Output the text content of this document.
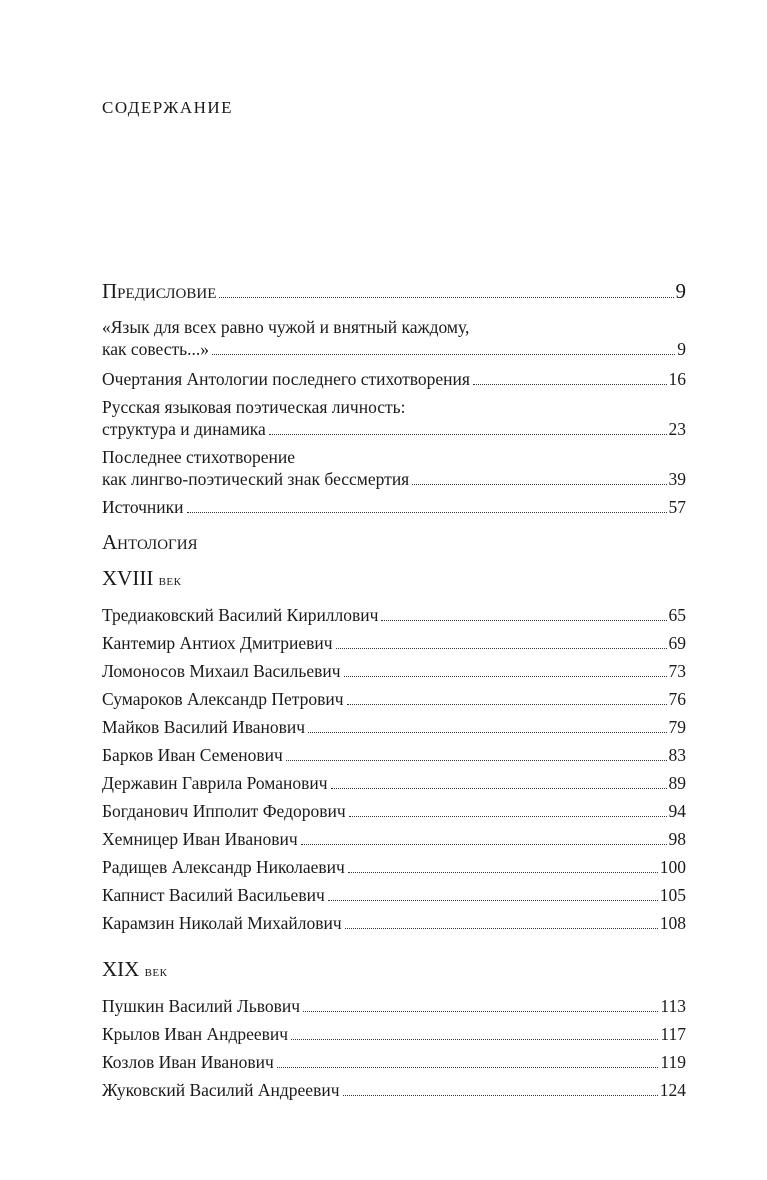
СОДЕРЖАНИЕ
Предисловие	9
«Язык для всех равно чужой и внятный каждому,
как совесть...»	9
Очертания Антологии последнего стихотворения	16
Русская языковая поэтическая личность:
структура и динамика	23
Последнее стихотворение
как лингво-поэтический знак бессмертия	39
Источники	57
Антология
XVIII век
Тредиаковский Василий Кириллович	65
Кантемир Антиох Дмитриевич	69
Ломоносов Михаил Васильевич	73
Сумароков Александр Петрович	76
Майков Василий Иванович	79
Барков Иван Семенович	83
Державин Гаврила Романович	89
Богданович Ипполит Федорович	94
Хемницер Иван Иванович	98
Радищев Александр Николаевич	100
Капнист Василий Васильевич	105
Карамзин Николай Михайлович	108
XIX век
Пушкин Василий Львович	113
Крылов Иван Андреевич	117
Козлов Иван Иванович	119
Жуковский Василий Андреевич	124
